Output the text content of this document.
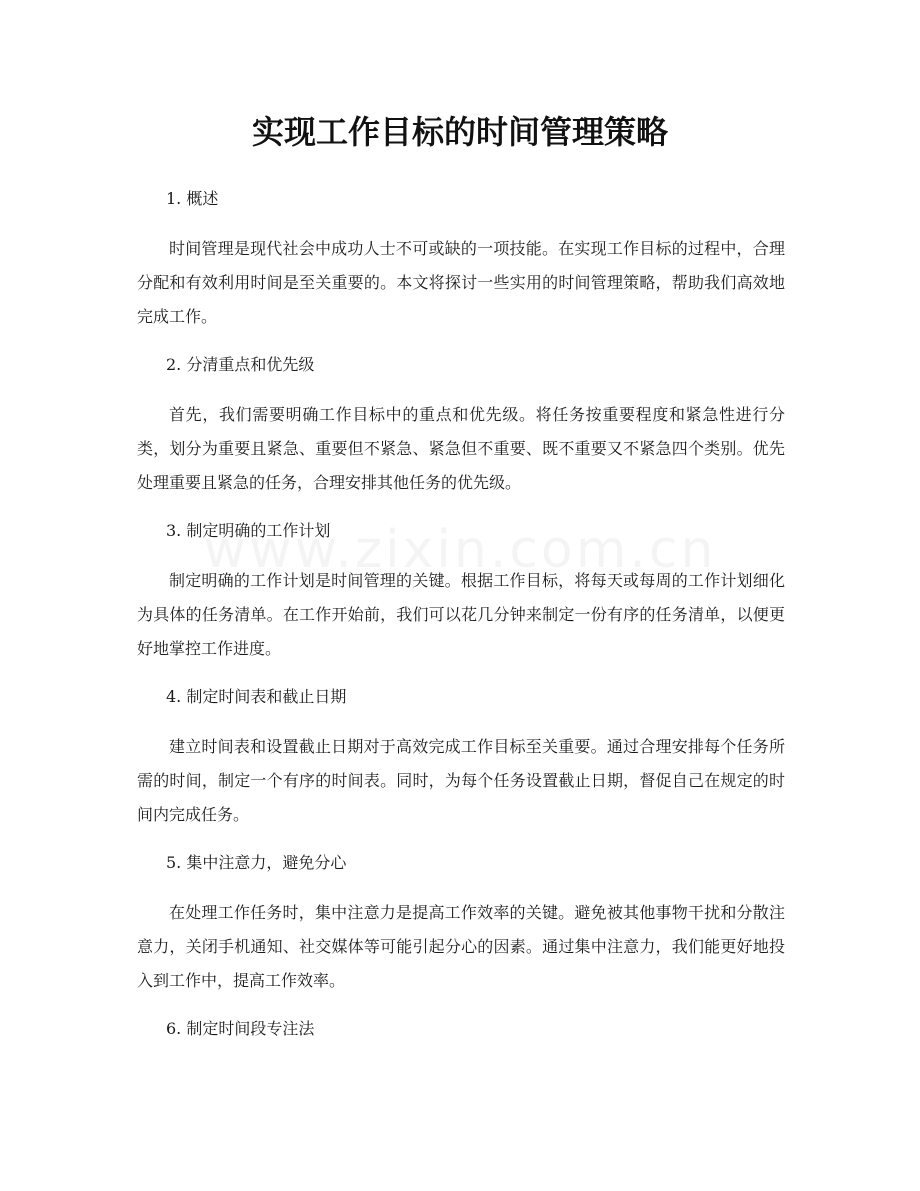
实现工作目标的时间管理策略

1. 概述

时间管理是现代社会中成功人士不可或缺的一项技能。在实现工作目标的过程中，合理分配和有效利用时间是至关重要的。本文将探讨一些实用的时间管理策略，帮助我们高效地完成工作。

2. 分清重点和优先级

首先，我们需要明确工作目标中的重点和优先级。将任务按重要程度和紧急性进行分类，划分为重要且紧急、重要但不紧急、紧急但不重要、既不重要又不紧急四个类别。优先处理重要且紧急的任务，合理安排其他任务的优先级。

3. 制定明确的工作计划

制定明确的工作计划是时间管理的关键。根据工作目标，将每天或每周的工作计划细化为具体的任务清单。在工作开始前，我们可以花几分钟来制定一份有序的任务清单，以便更好地掌控工作进度。

4. 制定时间表和截止日期

建立时间表和设置截止日期对于高效完成工作目标至关重要。通过合理安排每个任务所需的时间，制定一个有序的时间表。同时，为每个任务设置截止日期，督促自己在规定的时间内完成任务。

5. 集中注意力，避免分心

在处理工作任务时，集中注意力是提高工作效率的关键。避免被其他事物干扰和分散注意力，关闭手机通知、社交媒体等可能引起分心的因素。通过集中注意力，我们能更好地投入到工作中，提高工作效率。

6. 制定时间段专注法
